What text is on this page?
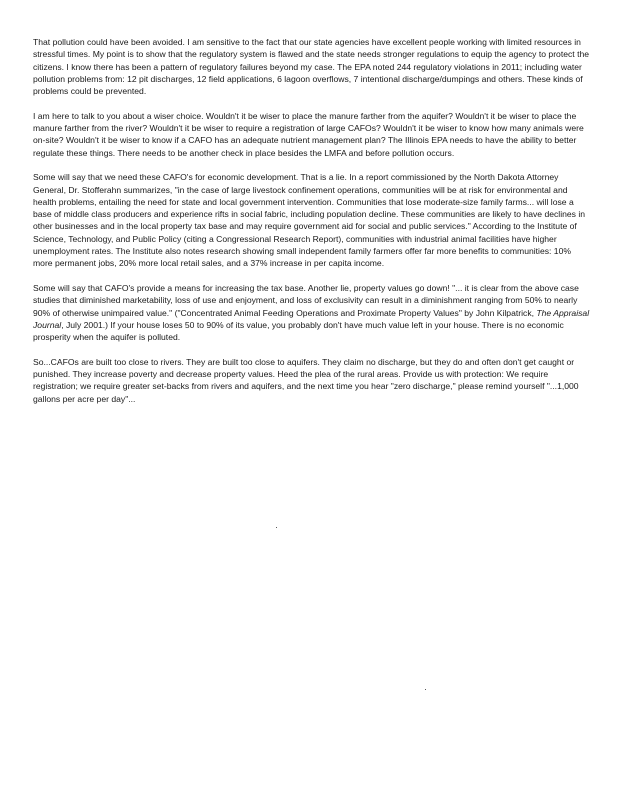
That pollution could have been avoided. I am sensitive to the fact that our state agencies have excellent people working with limited resources in stressful times. My point is to show that the regulatory system is flawed and the state needs stronger regulations to equip the agency to protect the citizens. I know there has been a pattern of regulatory failures beyond my case. The EPA noted 244 regulatory violations in 2011; including water pollution problems from: 12 pit discharges, 12 field applications, 6 lagoon overflows, 7 intentional discharge/dumpings and others. These kinds of problems could be prevented.

I am here to talk to you about a wiser choice. Wouldn't it be wiser to place the manure farther from the aquifer? Wouldn't it be wiser to place the manure farther from the river? Wouldn't it be wiser to require a registration of large CAFOs? Wouldn't it be wiser to know how many animals were on-site? Wouldn't it be wiser to know if a CAFO has an adequate nutrient management plan? The Illinois EPA needs to have the ability to better regulate these things. There needs to be another check in place besides the LMFA and before pollution occurs.

Some will say that we need these CAFO's for economic development. That is a lie. In a report commissioned by the North Dakota Attorney General, Dr. Stofferahn summarizes, "in the case of large livestock confinement operations, communities will be at risk for environmental and health problems, entailing the need for state and local government intervention. Communities that lose moderate-size family farms... will lose a base of middle class producers and experience rifts in social fabric, including population decline. These communities are likely to have declines in other businesses and in the local property tax base and may require government aid for social and public services." According to the Institute of Science, Technology, and Public Policy (citing a Congressional Research Report), communities with industrial animal facilities have higher unemployment rates. The Institute also notes research showing small independent family farmers offer far more benefits to communities: 10% more permanent jobs, 20% more local retail sales, and a 37% increase in per capita income.

Some will say that CAFO's provide a means for increasing the tax base. Another lie, property values go down! "... it is clear from the above case studies that diminished marketability, loss of use and enjoyment, and loss of exclusivity can result in a diminishment ranging from 50% to nearly 90% of otherwise unimpaired value." ("Concentrated Animal Feeding Operations and Proximate Property Values" by John Kilpatrick, The Appraisal Journal, July 2001.) If your house loses 50 to 90% of its value, you probably don't have much value left in your house. There is no economic prosperity when the aquifer is polluted.

So...CAFOs are built too close to rivers. They are built too close to aquifers. They claim no discharge, but they do and often don't get caught or punished. They increase poverty and decrease property values. Heed the plea of the rural areas. Provide us with protection: We require registration; we require greater set-backs from rivers and aquifers, and the next time you hear "zero discharge," please remind yourself "...1,000 gallons per acre per day"...
